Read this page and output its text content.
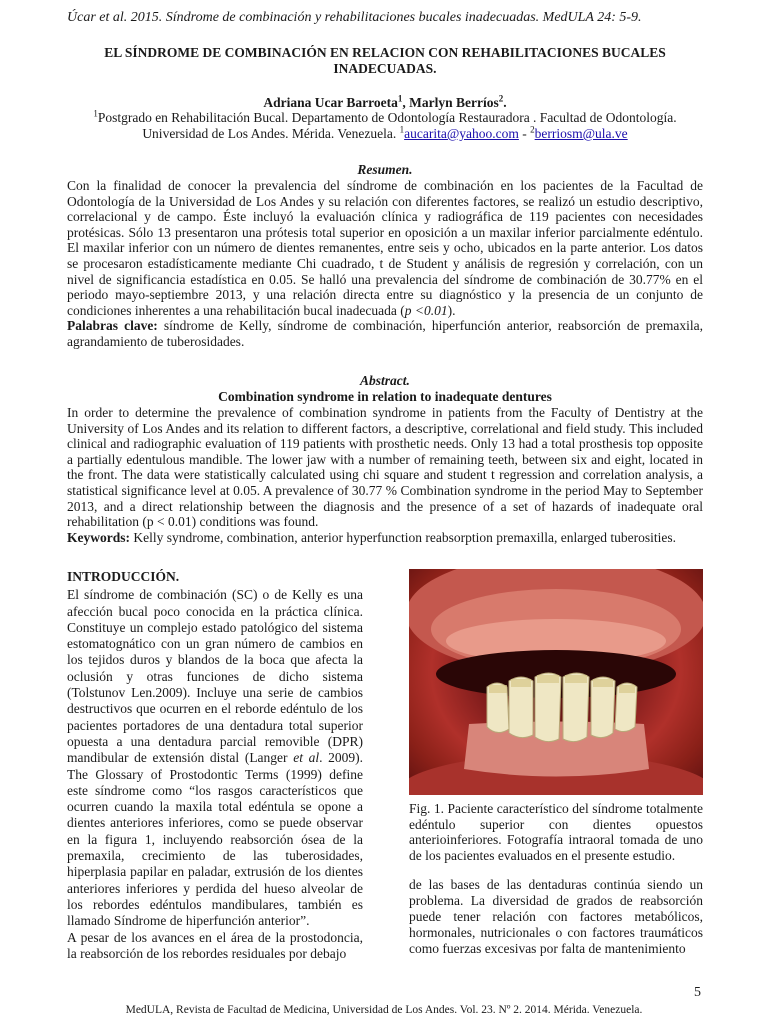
Úcar et al. 2015. Síndrome de combinación y rehabilitaciones bucales inadecuadas. MedULA 24: 5-9.
EL SÍNDROME DE COMBINACIÓN EN RELACION CON REHABILITACIONES BUCALES
INADECUADAS.
Adriana Ucar Barroeta$^1$, Marlyn Berríos$^2$.
$^1$Postgrado en Rehabilitación Bucal. Departamento de Odontología Restauradora . Facultad de Odontología.
Universidad de Los Andes. Mérida. Venezuela. $^1$aucarita@yahoo.com - $^2$berriosm@ula.ve
Resumen.
Con la finalidad de conocer la prevalencia del síndrome de combinación en los pacientes de la Facultad de Odontología de la Universidad de Los Andes y su relación con diferentes factores, se realizó un estudio descriptivo, correlacional y de campo. Éste incluyó la evaluación clínica y radiográfica de 119 pacientes con necesidades protésicas. Sólo 13 presentaron una prótesis total superior en oposición a un maxilar inferior parcialmente edéntulo. El maxilar inferior con un número de dientes remanentes, entre seis y ocho, ubicados en la parte anterior. Los datos se procesaron estadísticamente mediante Chi cuadrado, t de Student y análisis de regresión y correlación, con un nivel de significancia estadística en 0.05. Se halló una prevalencia del síndrome de combinación de 30.77% en el periodo mayo-septiembre 2013, y una relación directa entre su diagnóstico y la presencia de un conjunto de condiciones inherentes a una rehabilitación bucal inadecuada (p <0.01).
Palabras clave: síndrome de Kelly, síndrome de combinación, hiperfunción anterior, reabsorción de premaxila, agrandamiento de tuberosidades.
Abstract.
Combination syndrome in relation to inadequate dentures
In order to determine the prevalence of combination syndrome in patients from the Faculty of Dentistry at the University of Los Andes and its relation to different factors, a descriptive, correlational and field study. This included clinical and radiographic evaluation of 119 patients with prosthetic needs. Only 13 had a total prosthesis top opposite a partially edentulous mandible. The lower jaw with a number of remaining teeth, between six and eight, located in the front. The data were statistically calculated using chi square and student t regression and correlation analysis, a statistical significance level at 0.05. A prevalence of 30.77 % Combination syndrome in the period May to September 2013, and a direct relationship between the diagnosis and the presence of a set of hazards of inadequate oral rehabilitation (p < 0.01) conditions was found.
Keywords: Kelly syndrome, combination, anterior hyperfunction reabsorption premaxilla, enlarged tuberosities.
INTRODUCCIÓN.

El síndrome de combinación (SC) o de Kelly es una afección bucal poco conocida en la práctica clínica. Constituye un complejo estado patológico del sistema estomatognático con un gran número de cambios en los tejidos duros y blandos de la boca que afecta la oclusión y otras funciones de dicho sistema (Tolstunov Len.2009). Incluye una serie de cambios destructivos que ocurren en el reborde edéntulo de los pacientes portadores de una dentadura total superior opuesta a una dentadura parcial removible (DPR) mandibular de extensión distal (Langer et al. 2009). The Glossary of Prostodontic Terms (1999) define este síndrome como “los rasgos característicos que ocurren cuando la maxila total edéntula se opone a dientes anteriores inferiores, como se puede observar en la figura 1, incluyendo reabsorción ósea de la premaxila, crecimiento de las tuberosidades, hiperplasia papilar en paladar, extrusión de los dientes anteriores inferiores y perdida del hueso alveolar de los rebordes edéntulos mandibulares, también es llamado Síndrome de hiperfunción anterior”.

A pesar de los avances en el área de la prostodoncia, la reabsorción de los rebordes residuales por debajo

Fig. 1. Paciente característico del síndrome totalmente edéntulo superior con dientes opuestos anterioinferiores. Fotografía intraoral tomada de uno de los pacientes evaluados en el presente estudio.

de las bases de las dentaduras continúa siendo un problema. La diversidad de grados de reabsorción puede tener relación con factores metabólicos, hormonales, nutricionales o con factores traumáticos como fuerzas excesivas por falta de mantenimiento

5
MedULA, Revista de Facultad de Medicina, Universidad de Los Andes. Vol. 23. Nº 2. 2014. Mérida. Venezuela.
